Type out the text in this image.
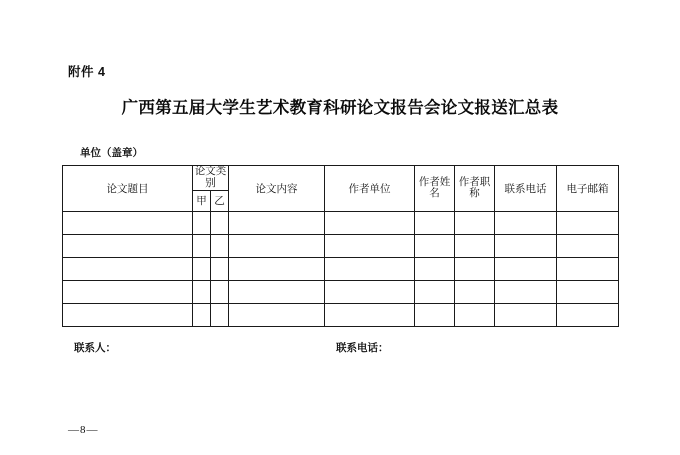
附件 4
广西第五届大学生艺术教育科研论文报告会论文报送汇总表
单位（盖章）
论文题目	论文类别		论文内容	作者单位	作者姓名	作者职称	联系电话	电子邮箱
	甲	乙						

联系人：	联系电话：
—8—
